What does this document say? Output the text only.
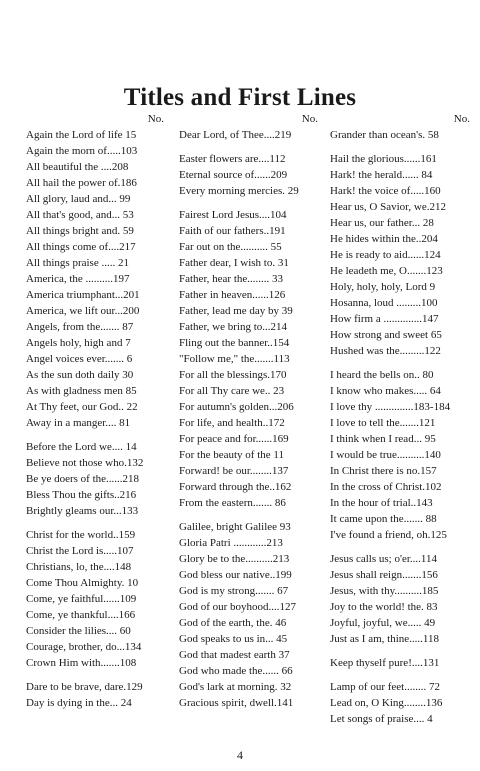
Titles and First Lines
No.
Again the Lord of life 15
Again the morn of.....103
All beautiful the ....208
All hail the power of.186
All glory, laud and... 99
All that's good, and... 53
All things bright and. 59
All things come of....217
All things praise ..... 21
America, the ..........197
America triumphant...201
America, we lift our...200
Angels, from the....... 87
Angels holy, high and 7
Angel voices ever....... 6
As the sun doth daily 30
As with gladness men 85
At Thy feet, our God.. 22
Away in a manger.... 81
Before the Lord we.... 14
Believe not those who.132
Be ye doers of the......218
Bless Thou the gifts..216
Brightly gleams our...133
Christ for the world..159
Christ the Lord is.....107
Christians, lo, the....148
Come Thou Almighty. 10
Come, ye faithful......109
Come, ye thankful....166
Consider the lilies.... 60
Courage, brother, do...134
Crown Him with.......108
Dare to be brave, dare.129
Day is dying in the... 24
No.
Dear Lord, of Thee....219
Easter flowers are....112
Eternal source of......209
Every morning mercies. 29
Fairest Lord Jesus....104
Faith of our fathers..191
Far out on the.......... 55
Father dear, I wish to. 31
Father, hear the........ 33
Father in heaven......126
Father, lead me day by 39
Father, we bring to...214
Fling out the banner..154
"Follow me," the.......113
For all the blessings.170
For all Thy care we.. 23
For autumn's golden...206
For life, and health..172
For peace and for......169
For the beauty of the 11
Forward! be our........137
Forward through the..162
From the eastern....... 86
Galilee, bright Galilee 93
Gloria Patri ............213
Glory be to the..........213
God bless our native..199
God is my strong....... 67
God of our boyhood....127
God of the earth, the. 46
God speaks to us in... 45
God that madest earth 37
God who made the...... 66
God's lark at morning. 32
Gracious spirit, dwell.141
No.
Grander than ocean's. 58
Hail the glorious......161
Hark! the herald...... 84
Hark! the voice of.....160
Hear us, O Savior, we.212
Hear us, our father... 28
He hides within the..204
He is ready to aid......124
He leadeth me, O.......123
Holy, holy, holy, Lord 9
Hosanna, loud .........100
How firm a ..............147
How strong and sweet 65
Hushed was the.........122
I heard the bells on.. 80
I know who makes..... 64
I love thy ..............183-184
I love to tell the.......121
I think when I read... 95
I would be true..........140
In Christ there is no.157
In the cross of Christ.102
In the hour of trial..143
It came upon the....... 88
I've found a friend, oh.125
Jesus calls us; o'er....114
Jesus shall reign.......156
Jesus, with thy..........185
Joy to the world! the. 83
Joyful, joyful, we..... 49
Just as I am, thine.....118
Keep thyself pure!....131
Lamp of our feet........ 72
Lead on, O King........136
Let songs of praise.... 4
4
